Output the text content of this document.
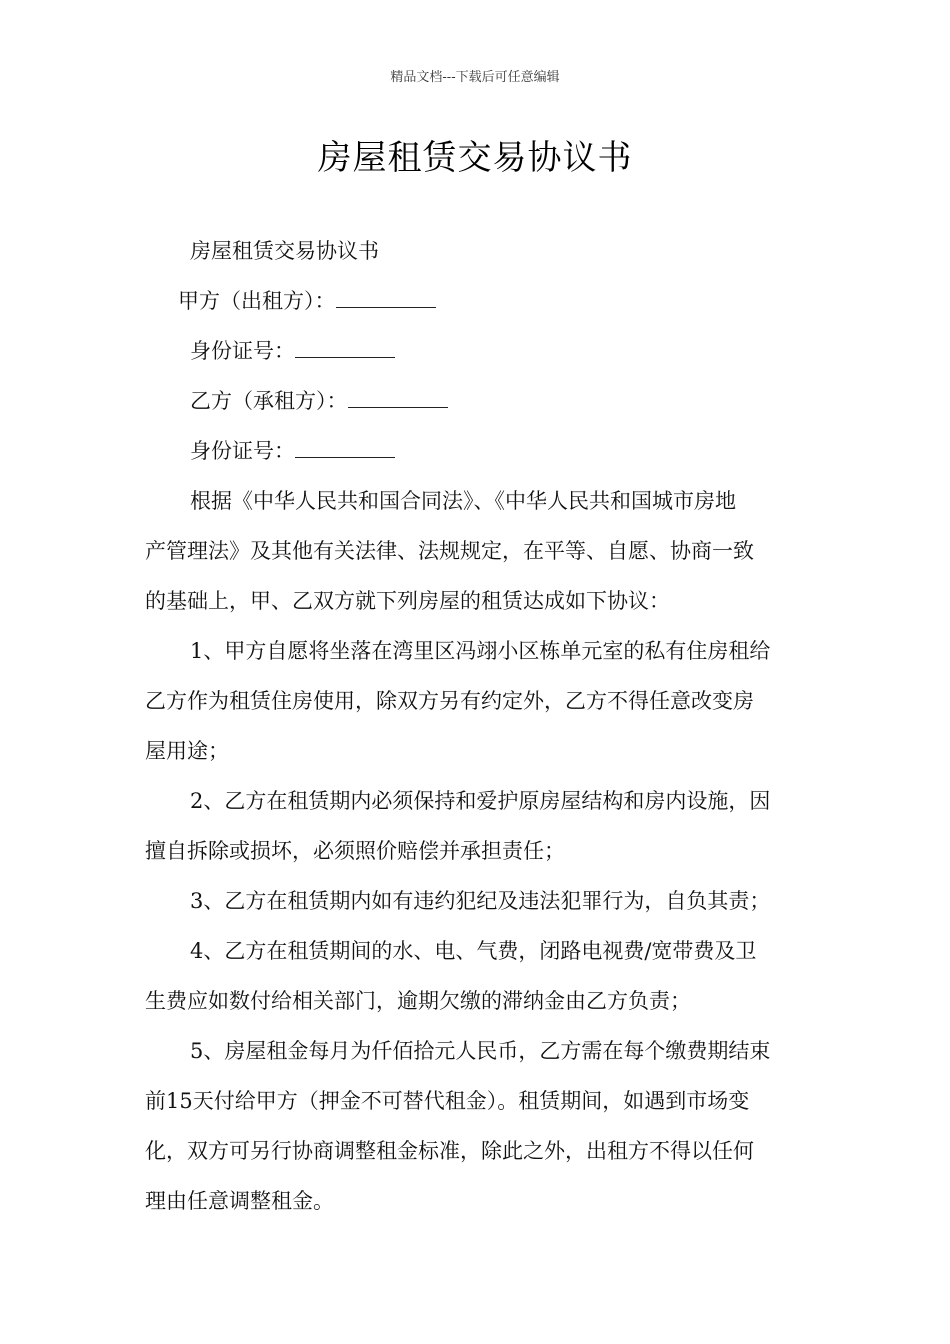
精品文档---下载后可任意编辑
房屋租赁交易协议书
房屋租赁交易协议书
甲方（出租方）：
身份证号：
乙方（承租方）：
身份证号：
根据《中华人民共和国合同法》、《中华人民共和国城市房地
产管理法》及其他有关法律、法规规定，在平等、自愿、协商一致
的基础上，甲、乙双方就下列房屋的租赁达成如下协议：
1、甲方自愿将坐落在湾里区冯翊小区栋单元室的私有住房租给
乙方作为租赁住房使用，除双方另有约定外，乙方不得任意改变房
屋用途；
2、乙方在租赁期内必须保持和爱护原房屋结构和房内设施，因
擅自拆除或损坏，必须照价赔偿并承担责任；
3、乙方在租赁期内如有违约犯纪及违法犯罪行为，自负其责；
4、乙方在租赁期间的水、电、气费，闭路电视费/宽带费及卫
生费应如数付给相关部门，逾期欠缴的滞纳金由乙方负责；
5、房屋租金每月为仟佰拾元人民币，乙方需在每个缴费期结束
前15天付给甲方（押金不可替代租金）。租赁期间，如遇到市场变
化，双方可另行协商调整租金标准，除此之外，出租方不得以任何
理由任意调整租金。
